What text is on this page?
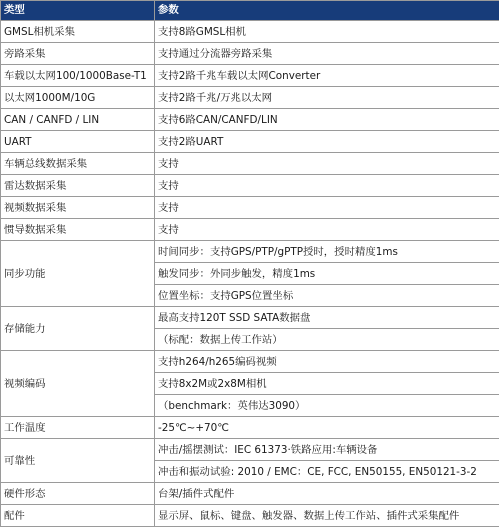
类型	参数
GMSL相机采集	支持8路GMSL相机
旁路采集	支持通过分流器旁路采集
车载以太网100/1000Base-T1	支持2路千兆车载以太网Converter
以太网1000M/10G	支持2路千兆/万兆以太网
CAN / CANFD / LIN	支持6路CAN/CANFD/LIN
UART	支持2路UART
车辆总线数据采集	支持
雷达数据采集	支持
视频数据采集	支持
惯导数据采集	支持
同步功能	时间同步：支持GPS/PTP/gPTP授时，授时精度1ms
	触发同步：外同步触发，精度1ms
	位置坐标：支持GPS位置坐标
存储能力	最高支持120T SSD SATA数据盘
	（标配：数据上传工作站）
视频编码	支持h264/h265编码视频
	支持8x2M或2x8M相机
	（benchmark：英伟达3090）
工作温度	-25℃~+70℃
可靠性	冲击/摇摆测试：IEC 61373·铁路应用:车辆设备
	冲击和振动试验: 2010 / EMC：CE, FCC, EN50155, EN50121-3-2
硬件形态	台架/插件式配件
配件	显示屏、鼠标、键盘、触发器、数据上传工作站、插件式采集配件
